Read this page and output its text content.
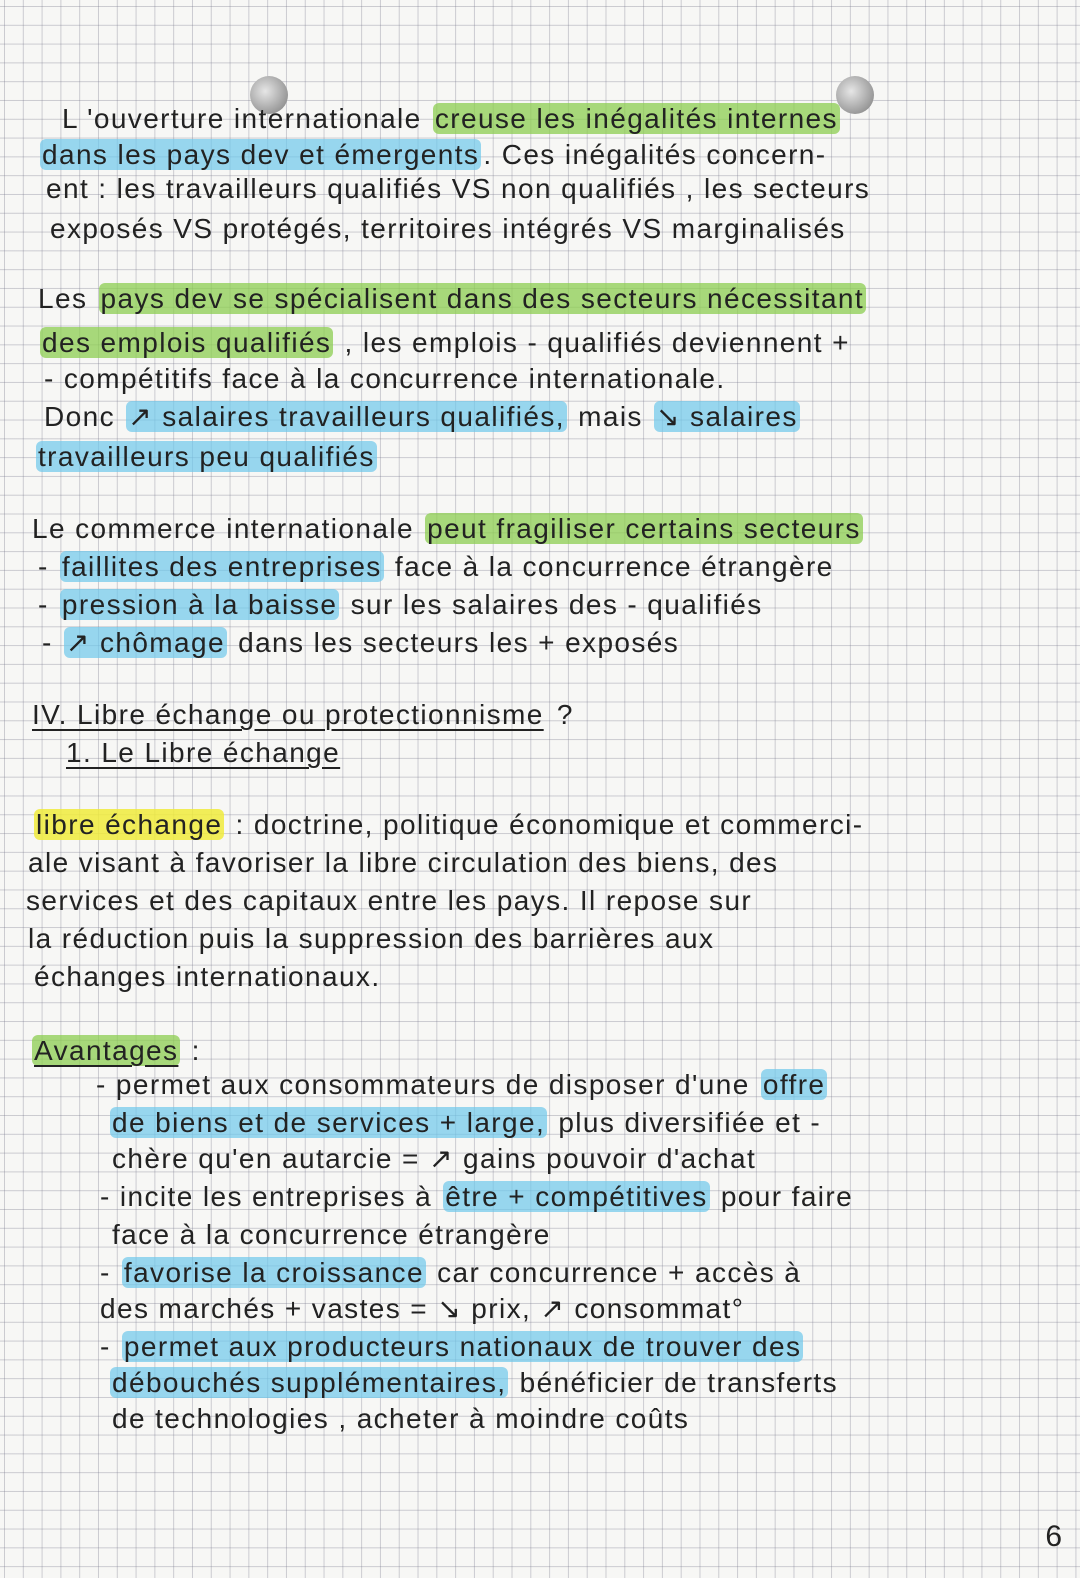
L 'ouverture internationale creuse les inégalités internes
dans les pays dev et émergents . Ces inégalités concern-
ent : les travailleurs qualifiés VS non qualifiés , les secteurs
exposés VS protégés, territoires intégrés VS marginalisés
Les pays dev se spécialisent dans des secteurs nécessitant
des emplois qualifiés , les emplois - qualifiés deviennent +
- compétitifs face à la concurrence internationale.
Donc ↗ salaires travailleurs qualifiés, mais ↘ salaires
travailleurs peu qualifiés
Le commerce internationale peut fragiliser certains secteurs
- faillites des entreprises face à la concurrence étrangère
- pression à la baisse sur les salaires des - qualifiés
- ↗ chômage dans les secteurs les + exposés
IV. Libre échange ou protectionnisme ?
1. Le Libre échange
libre échange : doctrine, politique économique et commerci-
ale visant à favoriser la libre circulation des biens, des
services et des capitaux entre les pays. Il repose sur
la réduction puis la suppression des barrières aux
échanges internationaux.
Avantages :
- permet aux consommateurs de disposer d'une offre
de biens et de services + large, plus diversifiée et -
chère qu'en autarcie = ↗ gains pouvoir d'achat
- incite les entreprises à être + compétitives pour faire
face à la concurrence étrangère
- favorise la croissance car concurrence + accès à
des marchés + vastes = ↘ prix, ↗ consommat°
- permet aux producteurs nationaux de trouver des
débouchés supplémentaires, bénéficier de transferts
de technologies , acheter à moindre coûts
6
